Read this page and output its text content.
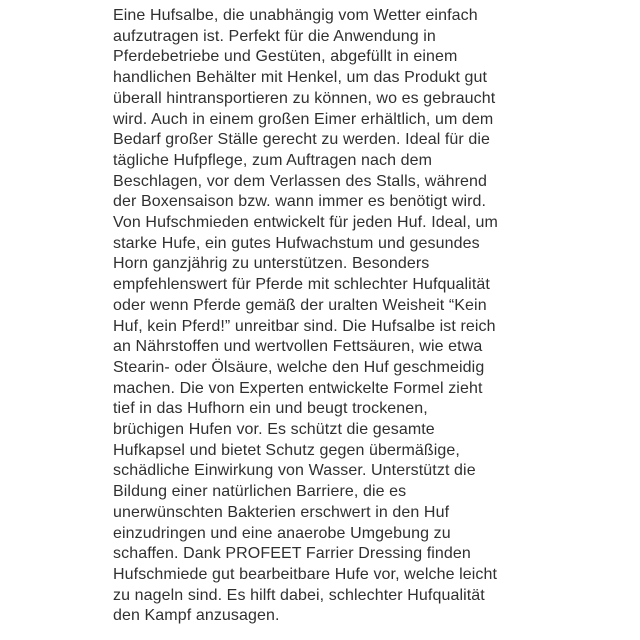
Eine Hufsalbe, die unabhängig vom Wetter einfach
aufzutragen ist. Perfekt für die Anwendung in
Pferdebetriebe und Gestüten, abgefüllt in einem
handlichen Behälter mit Henkel, um das Produkt gut
überall hintransportieren zu können, wo es gebraucht
wird. Auch in einem großen Eimer erhältlich, um dem
Bedarf großer Ställe gerecht zu werden. Ideal für die
tägliche Hufpflege, zum Auftragen nach dem
Beschlagen, vor dem Verlassen des Stalls, während
der Boxensaison bzw. wann immer es benötigt wird.
Von Hufschmieden entwickelt für jeden Huf. Ideal, um
starke Hufe, ein gutes Hufwachstum und gesundes
Horn ganzjährig zu unterstützen. Besonders
empfehlenswert für Pferde mit schlechter Hufqualität
oder wenn Pferde gemäß der uralten Weisheit “Kein
Huf, kein Pferd!” unreitbar sind. Die Hufsalbe ist reich
an Nährstoffen und wertvollen Fettsäuren, wie etwa
Stearin- oder Ölsäure, welche den Huf geschmeidig
machen. Die von Experten entwickelte Formel zieht
tief in das Hufhorn ein und beugt trockenen,
brüchigen Hufen vor. Es schützt die gesamte
Hufkapsel und bietet Schutz gegen übermäßige,
schädliche Einwirkung von Wasser. Unterstützt die
Bildung einer natürlichen Barriere, die es
unerwünschten Bakterien erschwert in den Huf
einzudringen und eine anaerobe Umgebung zu
schaffen. Dank PROFEET Farrier Dressing finden
Hufschmiede gut bearbeitbare Hufe vor, welche leicht
zu nageln sind. Es hilft dabei, schlechter Hufqualität
den Kampf anzusagen.
